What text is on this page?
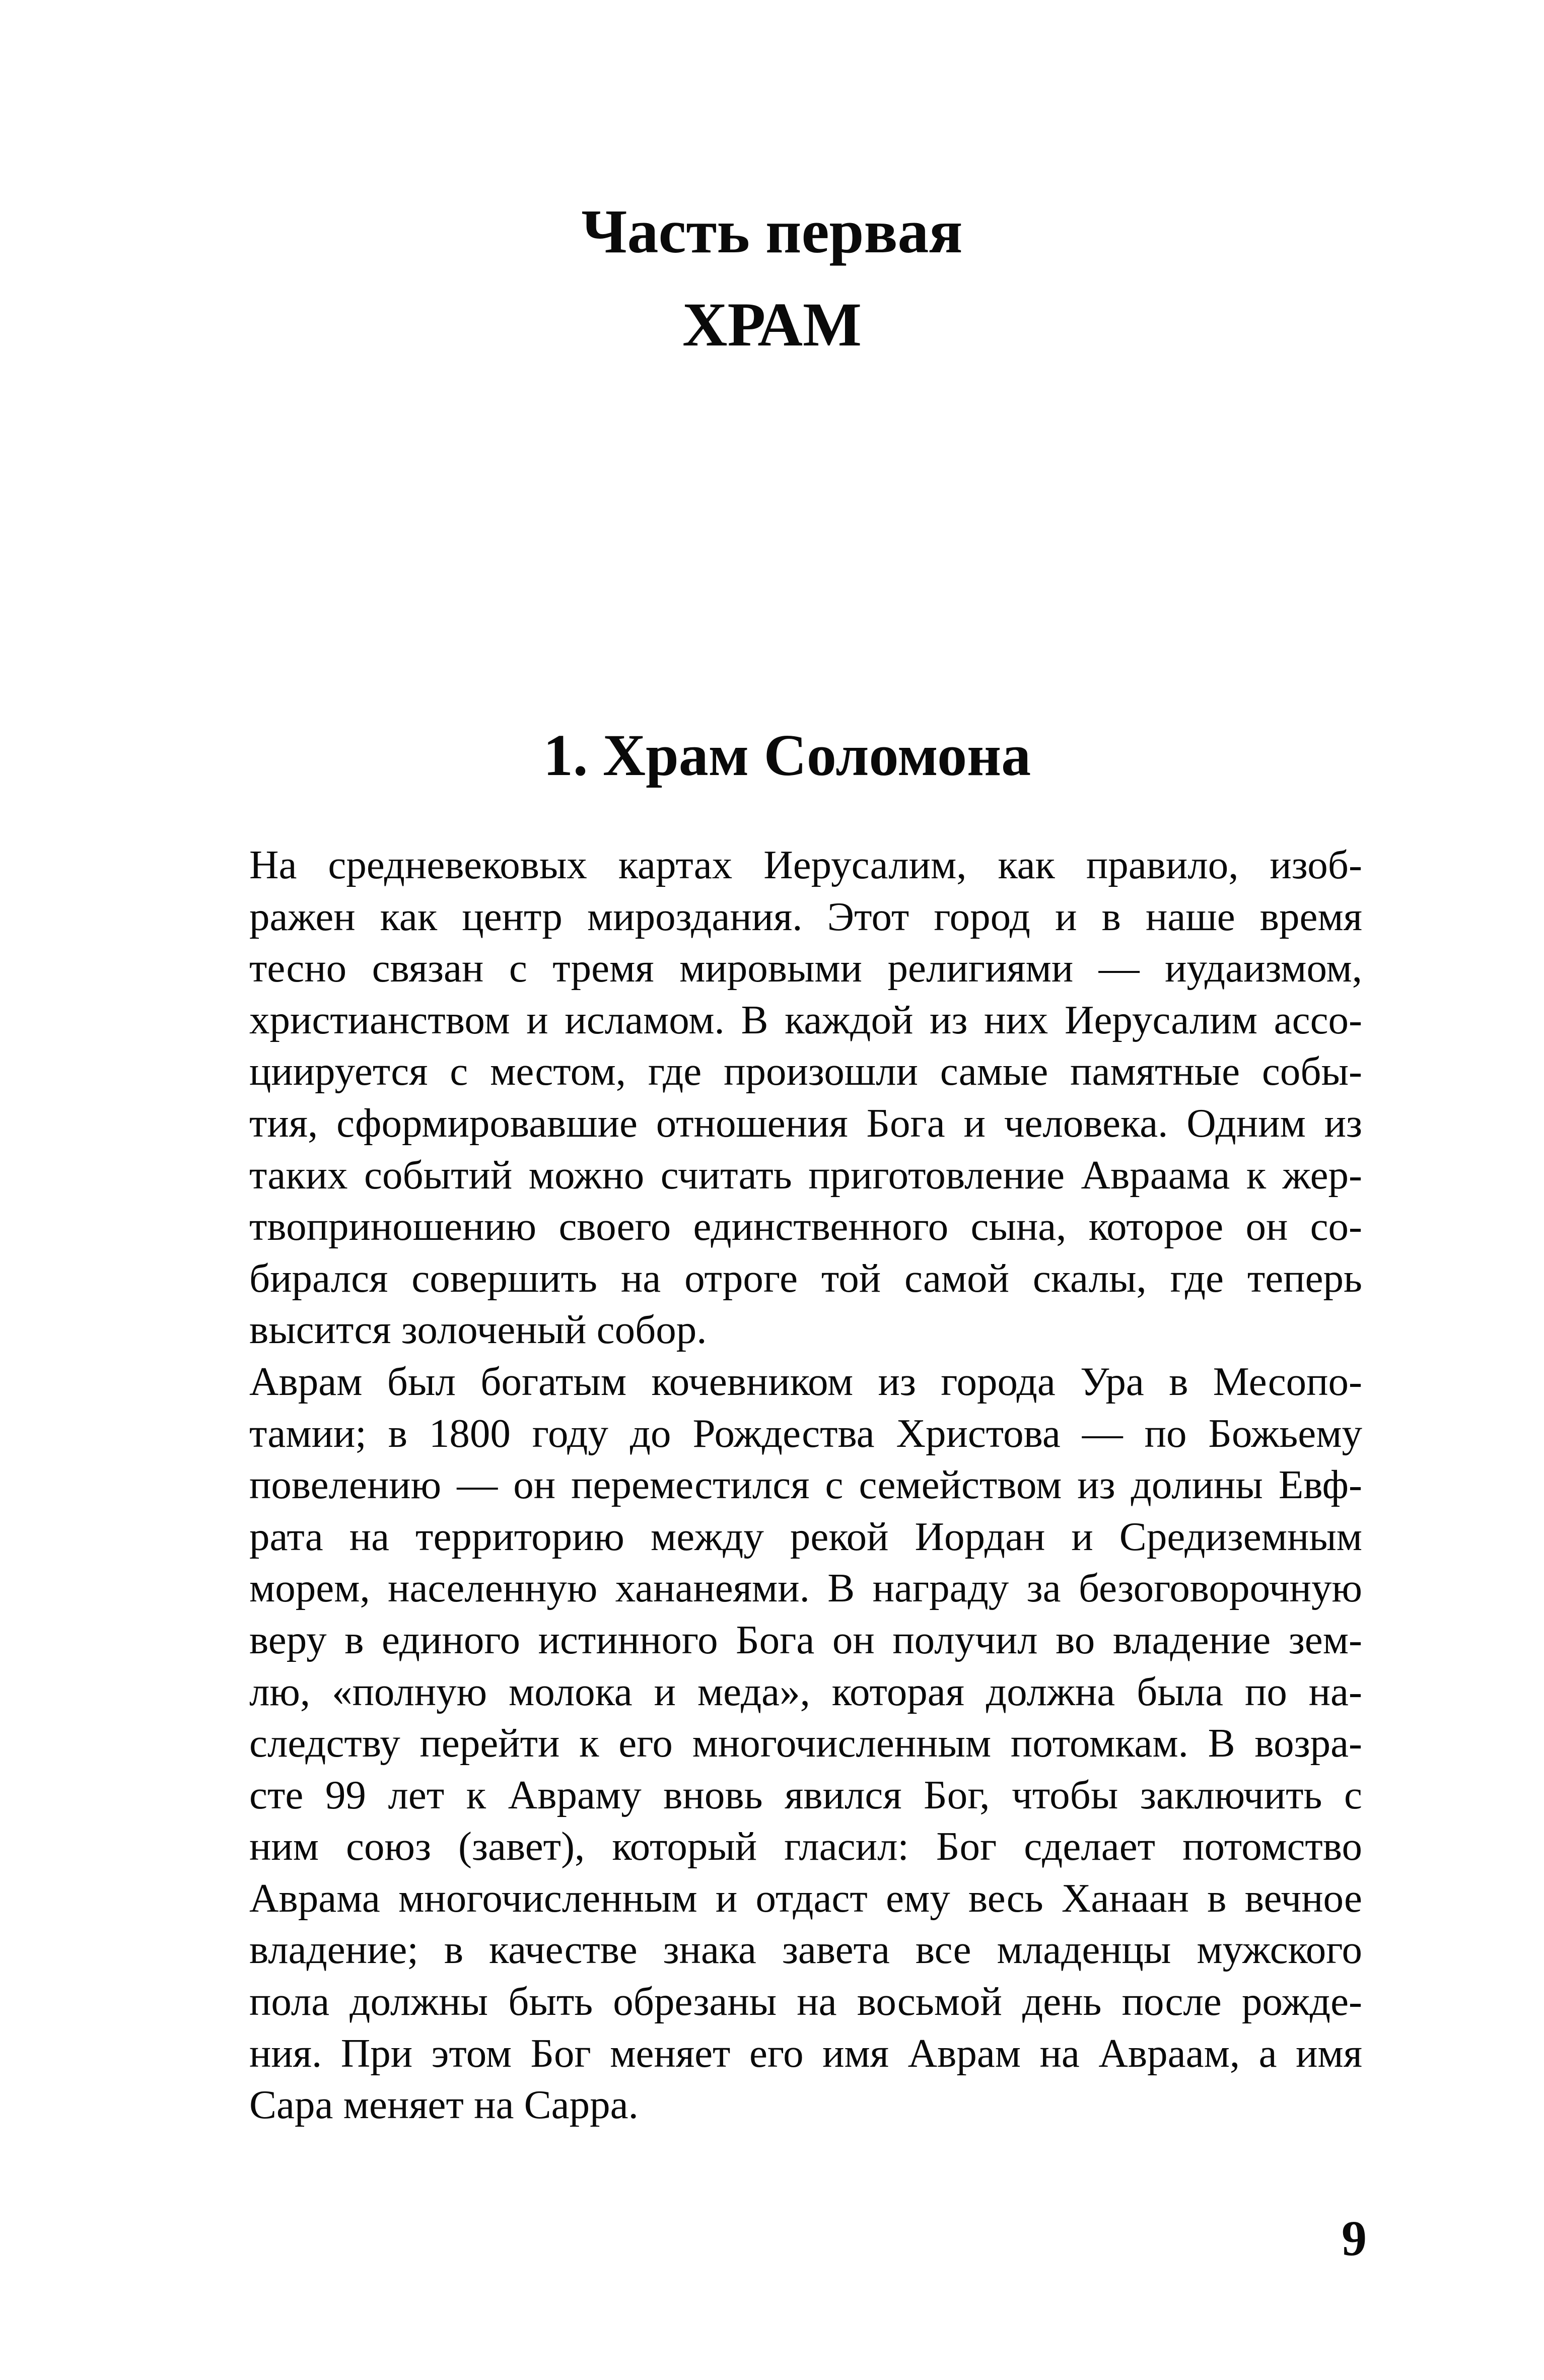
Часть первая
ХРАМ
1. Храм Соломона
На средневековых картах Иерусалим, как правило, изоб-
ражен как центр мироздания. Этот город и в наше время
тесно связан с тремя мировыми религиями — иудаизмом,
христианством и исламом. В каждой из них Иерусалим ассо-
циируется с местом, где произошли самые памятные собы-
тия, сформировавшие отношения Бога и человека. Одним из
таких событий можно считать приготовление Авраама к жер-
твоприношению своего единственного сына, которое он со-
бирался совершить на отроге той самой скалы, где теперь
высится золоченый собор.
Аврам был богатым кочевником из города Ура в Месопо-
тамии; в 1800 году до Рождества Христова — по Божьему
повелению — он переместился с семейством из долины Евф-
рата на территорию между рекой Иордан и Средиземным
морем, населенную хананеями. В награду за безоговорочную
веру в единого истинного Бога он получил во владение зем-
лю, «полную молока и меда», которая должна была по на-
следству перейти к его многочисленным потомкам. В возра-
сте 99 лет к Авраму вновь явился Бог, чтобы заключить с
ним союз (завет), который гласил: Бог сделает потомство
Аврама многочисленным и отдаст ему весь Ханаан в вечное
владение; в качестве знака завета все младенцы мужского
пола должны быть обрезаны на восьмой день после рожде-
ния. При этом Бог меняет его имя Аврам на Авраам, а имя
Сара меняет на Сарра.
9
